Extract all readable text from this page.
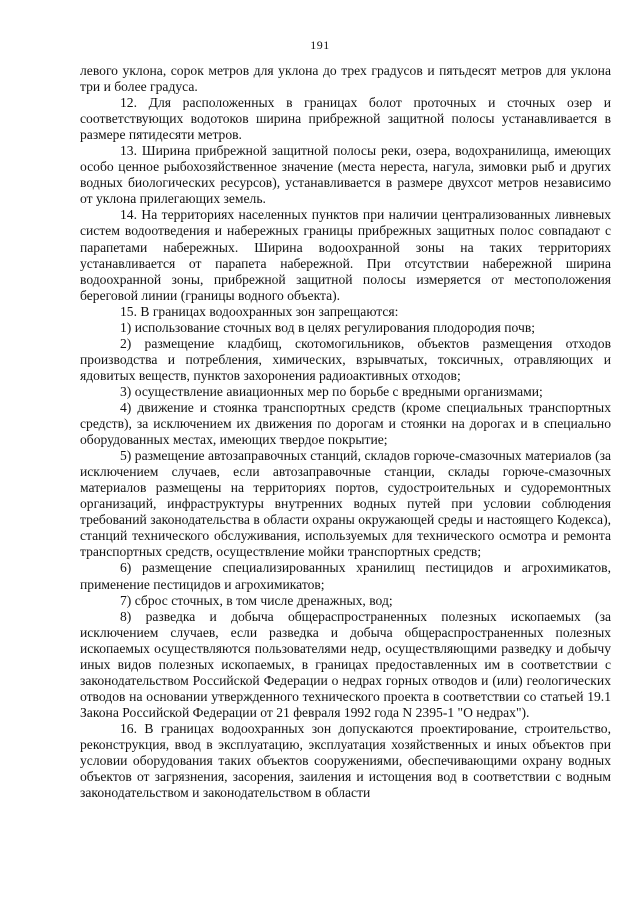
191

левого уклона, сорок метров для уклона до трех градусов и пятьдесят метров для уклона три и более градуса.

12. Для расположенных в границах болот проточных и сточных озер и соответствующих водотоков ширина прибрежной защитной полосы устанавливается в размере пятидесяти метров.

13. Ширина прибрежной защитной полосы реки, озера, водохранилища, имеющих особо ценное рыбохозяйственное значение (места нереста, нагула, зимовки рыб и других водных биологических ресурсов), устанавливается в размере двухсот метров независимо от уклона прилегающих земель.

14. На территориях населенных пунктов при наличии централизованных ливневых систем водоотведения и набережных границы прибрежных защитных полос совпадают с парапетами набережных. Ширина водоохранной зоны на таких территориях устанавливается от парапета набережной. При отсутствии набережной ширина водоохранной зоны, прибрежной защитной полосы измеряется от местоположения береговой линии (границы водного объекта).

15. В границах водоохранных зон запрещаются:

1) использование сточных вод в целях регулирования плодородия почв;

2) размещение кладбищ, скотомогильников, объектов размещения отходов производства и потребления, химических, взрывчатых, токсичных, отравляющих и ядовитых веществ, пунктов захоронения радиоактивных отходов;

3) осуществление авиационных мер по борьбе с вредными организмами;

4) движение и стоянка транспортных средств (кроме специальных транспортных средств), за исключением их движения по дорогам и стоянки на дорогах и в специально оборудованных местах, имеющих твердое покрытие;

5) размещение автозаправочных станций, складов горюче-смазочных материалов (за исключением случаев, если автозаправочные станции, склады горюче-смазочных материалов размещены на территориях портов, судостроительных и судоремонтных организаций, инфраструктуры внутренних водных путей при условии соблюдения требований законодательства в области охраны окружающей среды и настоящего Кодекса), станций технического обслуживания, используемых для технического осмотра и ремонта транспортных средств, осуществление мойки транспортных средств;

6) размещение специализированных хранилищ пестицидов и агрохимикатов, применение пестицидов и агрохимикатов;

7) сброс сточных, в том числе дренажных, вод;

8) разведка и добыча общераспространенных полезных ископаемых (за исключением случаев, если разведка и добыча общераспространенных полезных ископаемых осуществляются пользователями недр, осуществляющими разведку и добычу иных видов полезных ископаемых, в границах предоставленных им в соответствии с законодательством Российской Федерации о недрах горных отводов и (или) геологических отводов на основании утвержденного технического проекта в соответствии со статьей 19.1 Закона Российской Федерации от 21 февраля 1992 года N 2395-1 "О недрах").

16. В границах водоохранных зон допускаются проектирование, строительство, реконструкция, ввод в эксплуатацию, эксплуатация хозяйственных и иных объектов при условии оборудования таких объектов сооружениями, обеспечивающими охрану водных объектов от загрязнения, засорения, заиления и истощения вод в соответствии с водным законодательством и законодательством в области
